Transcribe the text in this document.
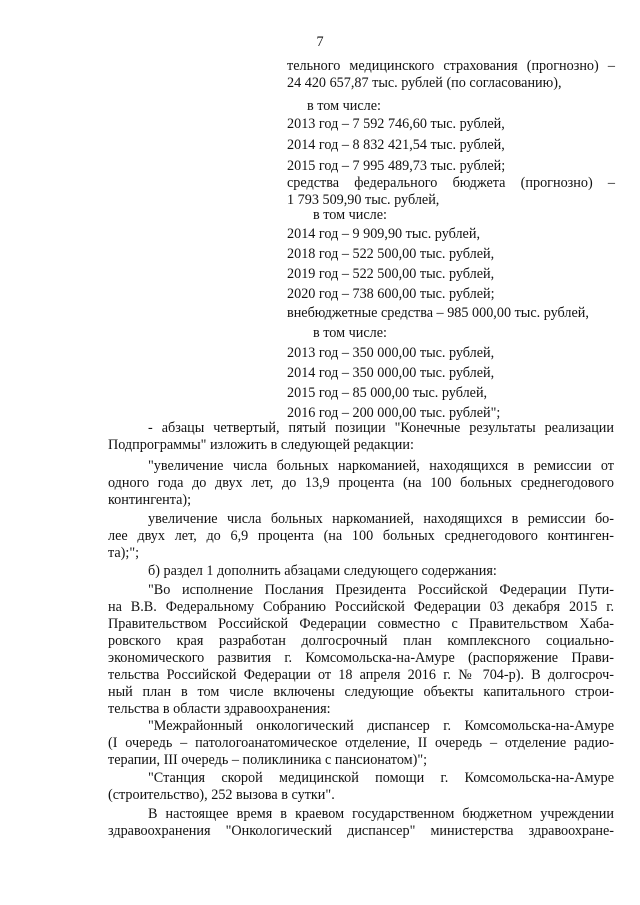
7
тельного медицинского страхования (прогнозно) –
24 420 657,87 тыс. рублей (по согласованию),
в том числе:
2013 год – 7 592 746,60 тыс. рублей,
2014 год – 8 832 421,54 тыс. рублей,
2015 год – 7 995 489,73 тыс. рублей;
средства федерального бюджета (прогнозно) –
1 793 509,90 тыс. рублей,
в том числе:
2014 год – 9 909,90 тыс. рублей,
2018 год – 522 500,00 тыс. рублей,
2019 год – 522 500,00 тыс. рублей,
2020 год – 738 600,00 тыс. рублей;
внебюджетные средства – 985 000,00 тыс. рублей,
в том числе:
2013 год – 350 000,00 тыс. рублей,
2014 год – 350 000,00 тыс. рублей,
2015 год – 85 000,00 тыс. рублей,
2016 год – 200 000,00 тыс. рублей";
- абзацы четвертый, пятый позиции "Конечные результаты реализации
Подпрограммы" изложить в следующей редакции:
"увеличение числа больных наркоманией, находящихся в ремиссии от
одного года до двух лет, до 13,9 процента (на 100 больных среднегодового
контингента);
увеличение числа больных наркоманией, находящихся в ремиссии бо-
лее двух лет, до 6,9 процента (на 100 больных среднегодового континген-
та);";
б) раздел 1 дополнить абзацами следующего содержания:
"Во исполнение Послания Президента Российской Федерации Пути-
на В.В. Федеральному Собранию Российской Федерации 03 декабря 2015 г.
Правительством Российской Федерации совместно с Правительством Хаба-
ровского края разработан долгосрочный план комплексного социально-
экономического развития г. Комсомольска-на-Амуре (распоряжение Прави-
тельства Российской Федерации от 18 апреля 2016 г. № 704-р). В долгосроч-
ный план в том числе включены следующие объекты капитального строи-
тельства в области здравоохранения:
"Межрайонный онкологический диспансер г. Комсомольска-на-Амуре
(I очередь – патологоанатомическое отделение, II очередь – отделение радио-
терапии, III очередь – поликлиника с пансионатом)";
"Станция скорой медицинской помощи г. Комсомольска-на-Амуре
(строительство), 252 вызова в сутки".
В настоящее время в краевом государственном бюджетном учреждении
здравоохранения "Онкологический диспансер" министерства здравоохране-
